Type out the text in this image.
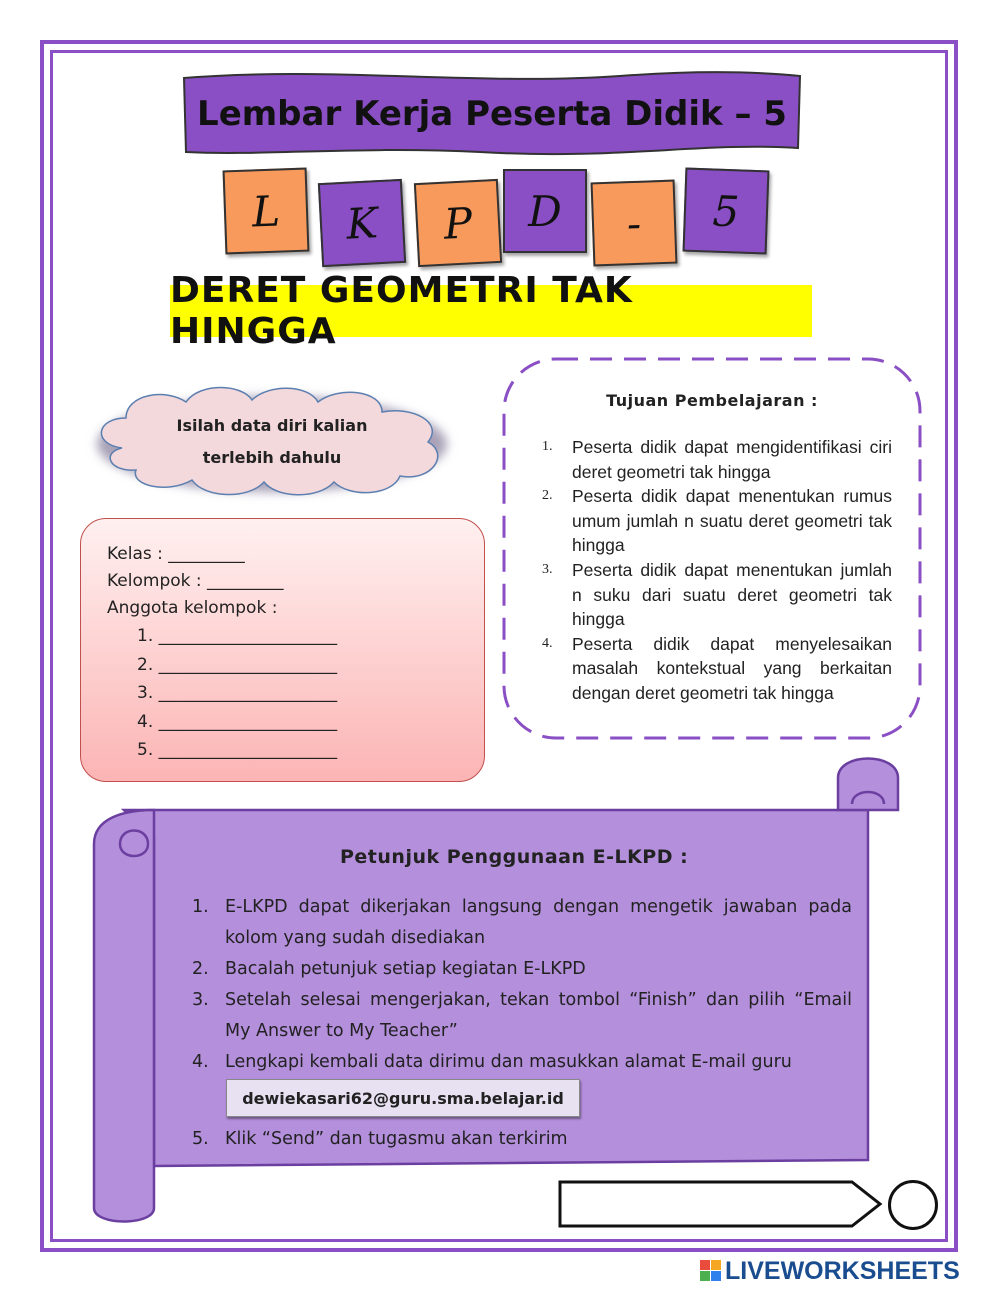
Lembar Kerja Peserta Didik – 5
L	K	P	D	-	5
DERET GEOMETRI TAK HINGGA
Isilah data diri kalian
terlebih dahulu
Kelas : _________
Kelompok : _________
Anggota kelompok :
1. _____________________
2. _____________________
3. _____________________
4. _____________________
5. _____________________
Tujuan Pembelajaran :
1. Peserta didik dapat mengidentifikasi ciri deret geometri tak hingga
2. Peserta didik dapat menentukan rumus umum jumlah n suatu deret geometri tak hingga
3. Peserta didik dapat menentukan jumlah n suku dari suatu deret geometri tak hingga
4. Peserta didik dapat menyelesaikan masalah kontekstual yang berkaitan dengan deret geometri tak hingga
Petunjuk Penggunaan E-LKPD :
1. E-LKPD dapat dikerjakan langsung dengan mengetik jawaban pada kolom yang sudah disediakan
2. Bacalah petunjuk setiap kegiatan E-LKPD
3. Setelah selesai mengerjakan, tekan tombol “Finish” dan pilih “Email My Answer to My Teacher”
4. Lengkapi kembali data dirimu dan masukkan alamat E-mail guru
5. Klik “Send” dan tugasmu akan terkirim
dewiekasari62@guru.sma.belajar.id
LIVEWORKSHEETS
